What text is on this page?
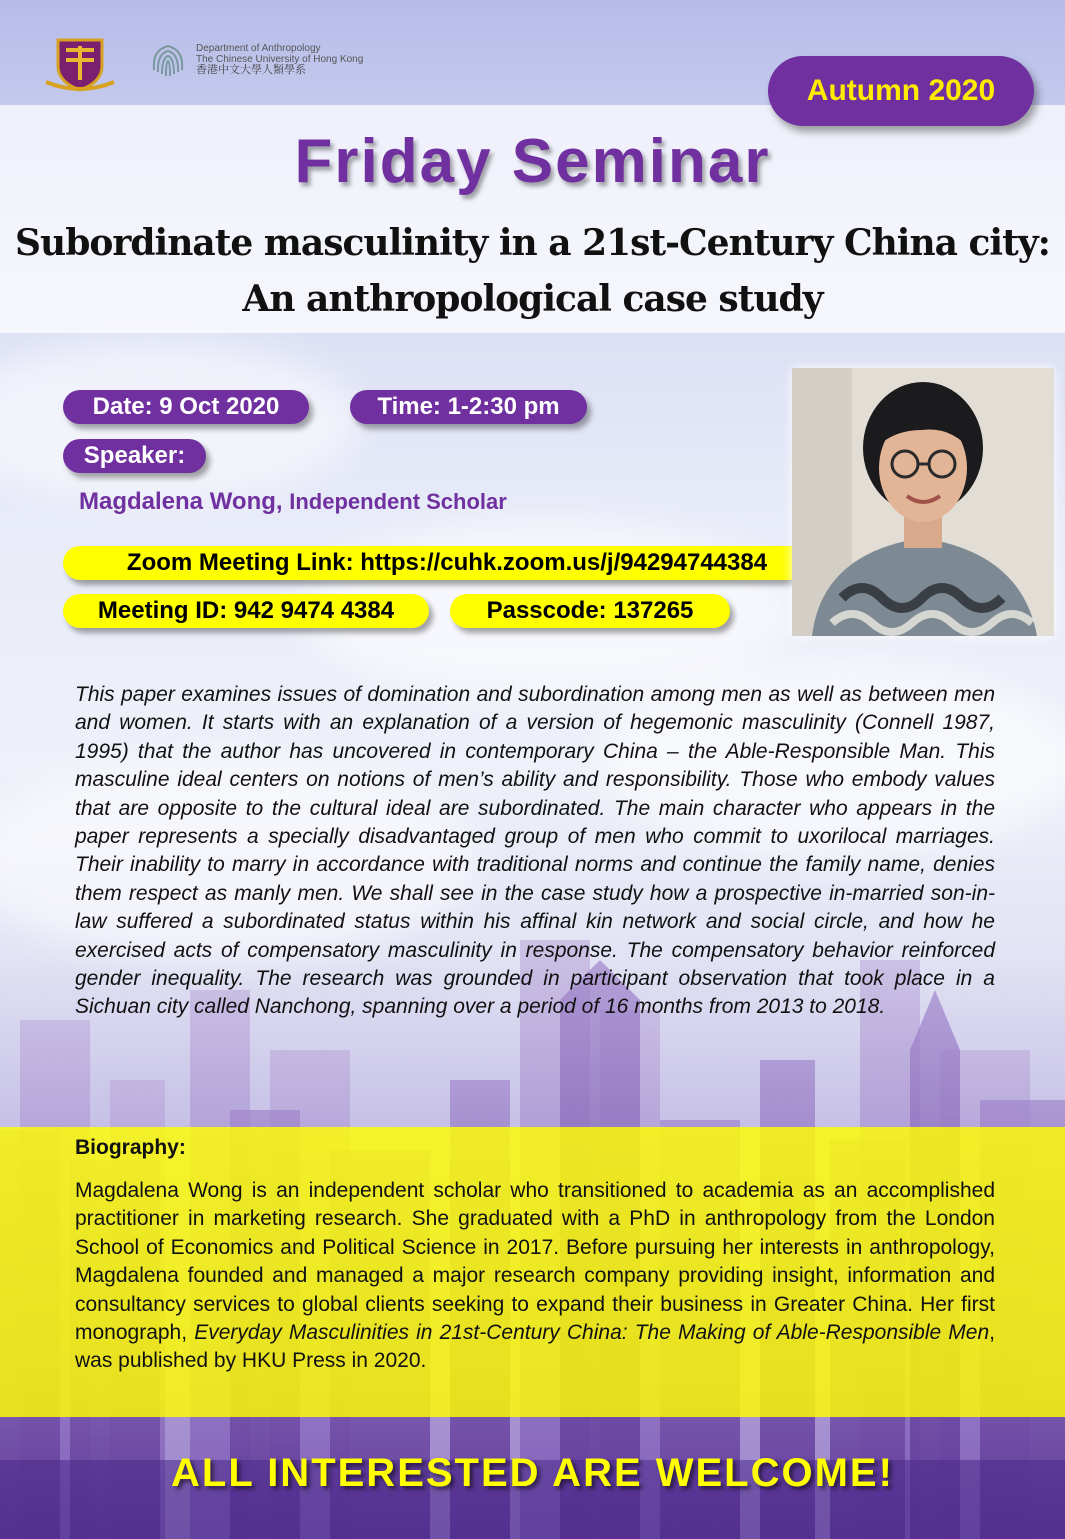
Department of Anthropology
The Chinese University of Hong Kong
香港中文大學人類學系
Autumn 2020
Friday Seminar
Subordinate masculinity in a 21st-Century China city:
An anthropological case study
Date: 9 Oct 2020	Time: 1-2:30 pm
Speaker:
Magdalena Wong, Independent Scholar
Zoom Meeting Link: https://cuhk.zoom.us/j/94294744384
Meeting ID: 942 9474 4384	Passcode: 137265
This paper examines issues of domination and subordination among men as well as between men and women. It starts with an explanation of a version of hegemonic masculinity (Connell 1987, 1995) that the author has uncovered in contemporary China – the Able-Responsible Man. This masculine ideal centers on notions of men’s ability and responsibility. Those who embody values that are opposite to the cultural ideal are subordinated. The main character who appears in the paper represents a specially disadvantaged group of men who commit to uxorilocal marriages. Their inability to marry in accordance with traditional norms and continue the family name, denies them respect as manly men. We shall see in the case study how a prospective in-married son-in-law suffered a subordinated status within his affinal kin network and social circle, and how he exercised acts of compensatory masculinity in response. The compensatory behavior reinforced gender inequality. The research was grounded in participant observation that took place in a Sichuan city called Nanchong, spanning over a period of 16 months from 2013 to 2018.
Biography:
Magdalena Wong is an independent scholar who transitioned to academia as an accomplished practitioner in marketing research. She graduated with a PhD in anthropology from the London School of Economics and Political Science in 2017. Before pursuing her interests in anthropology, Magdalena founded and managed a major research company providing insight, information and consultancy services to global clients seeking to expand their business in Greater China. Her first monograph, Everyday Masculinities in 21st-Century China: The Making of Able-Responsible Men, was published by HKU Press in 2020.
ALL INTERESTED ARE WELCOME!
